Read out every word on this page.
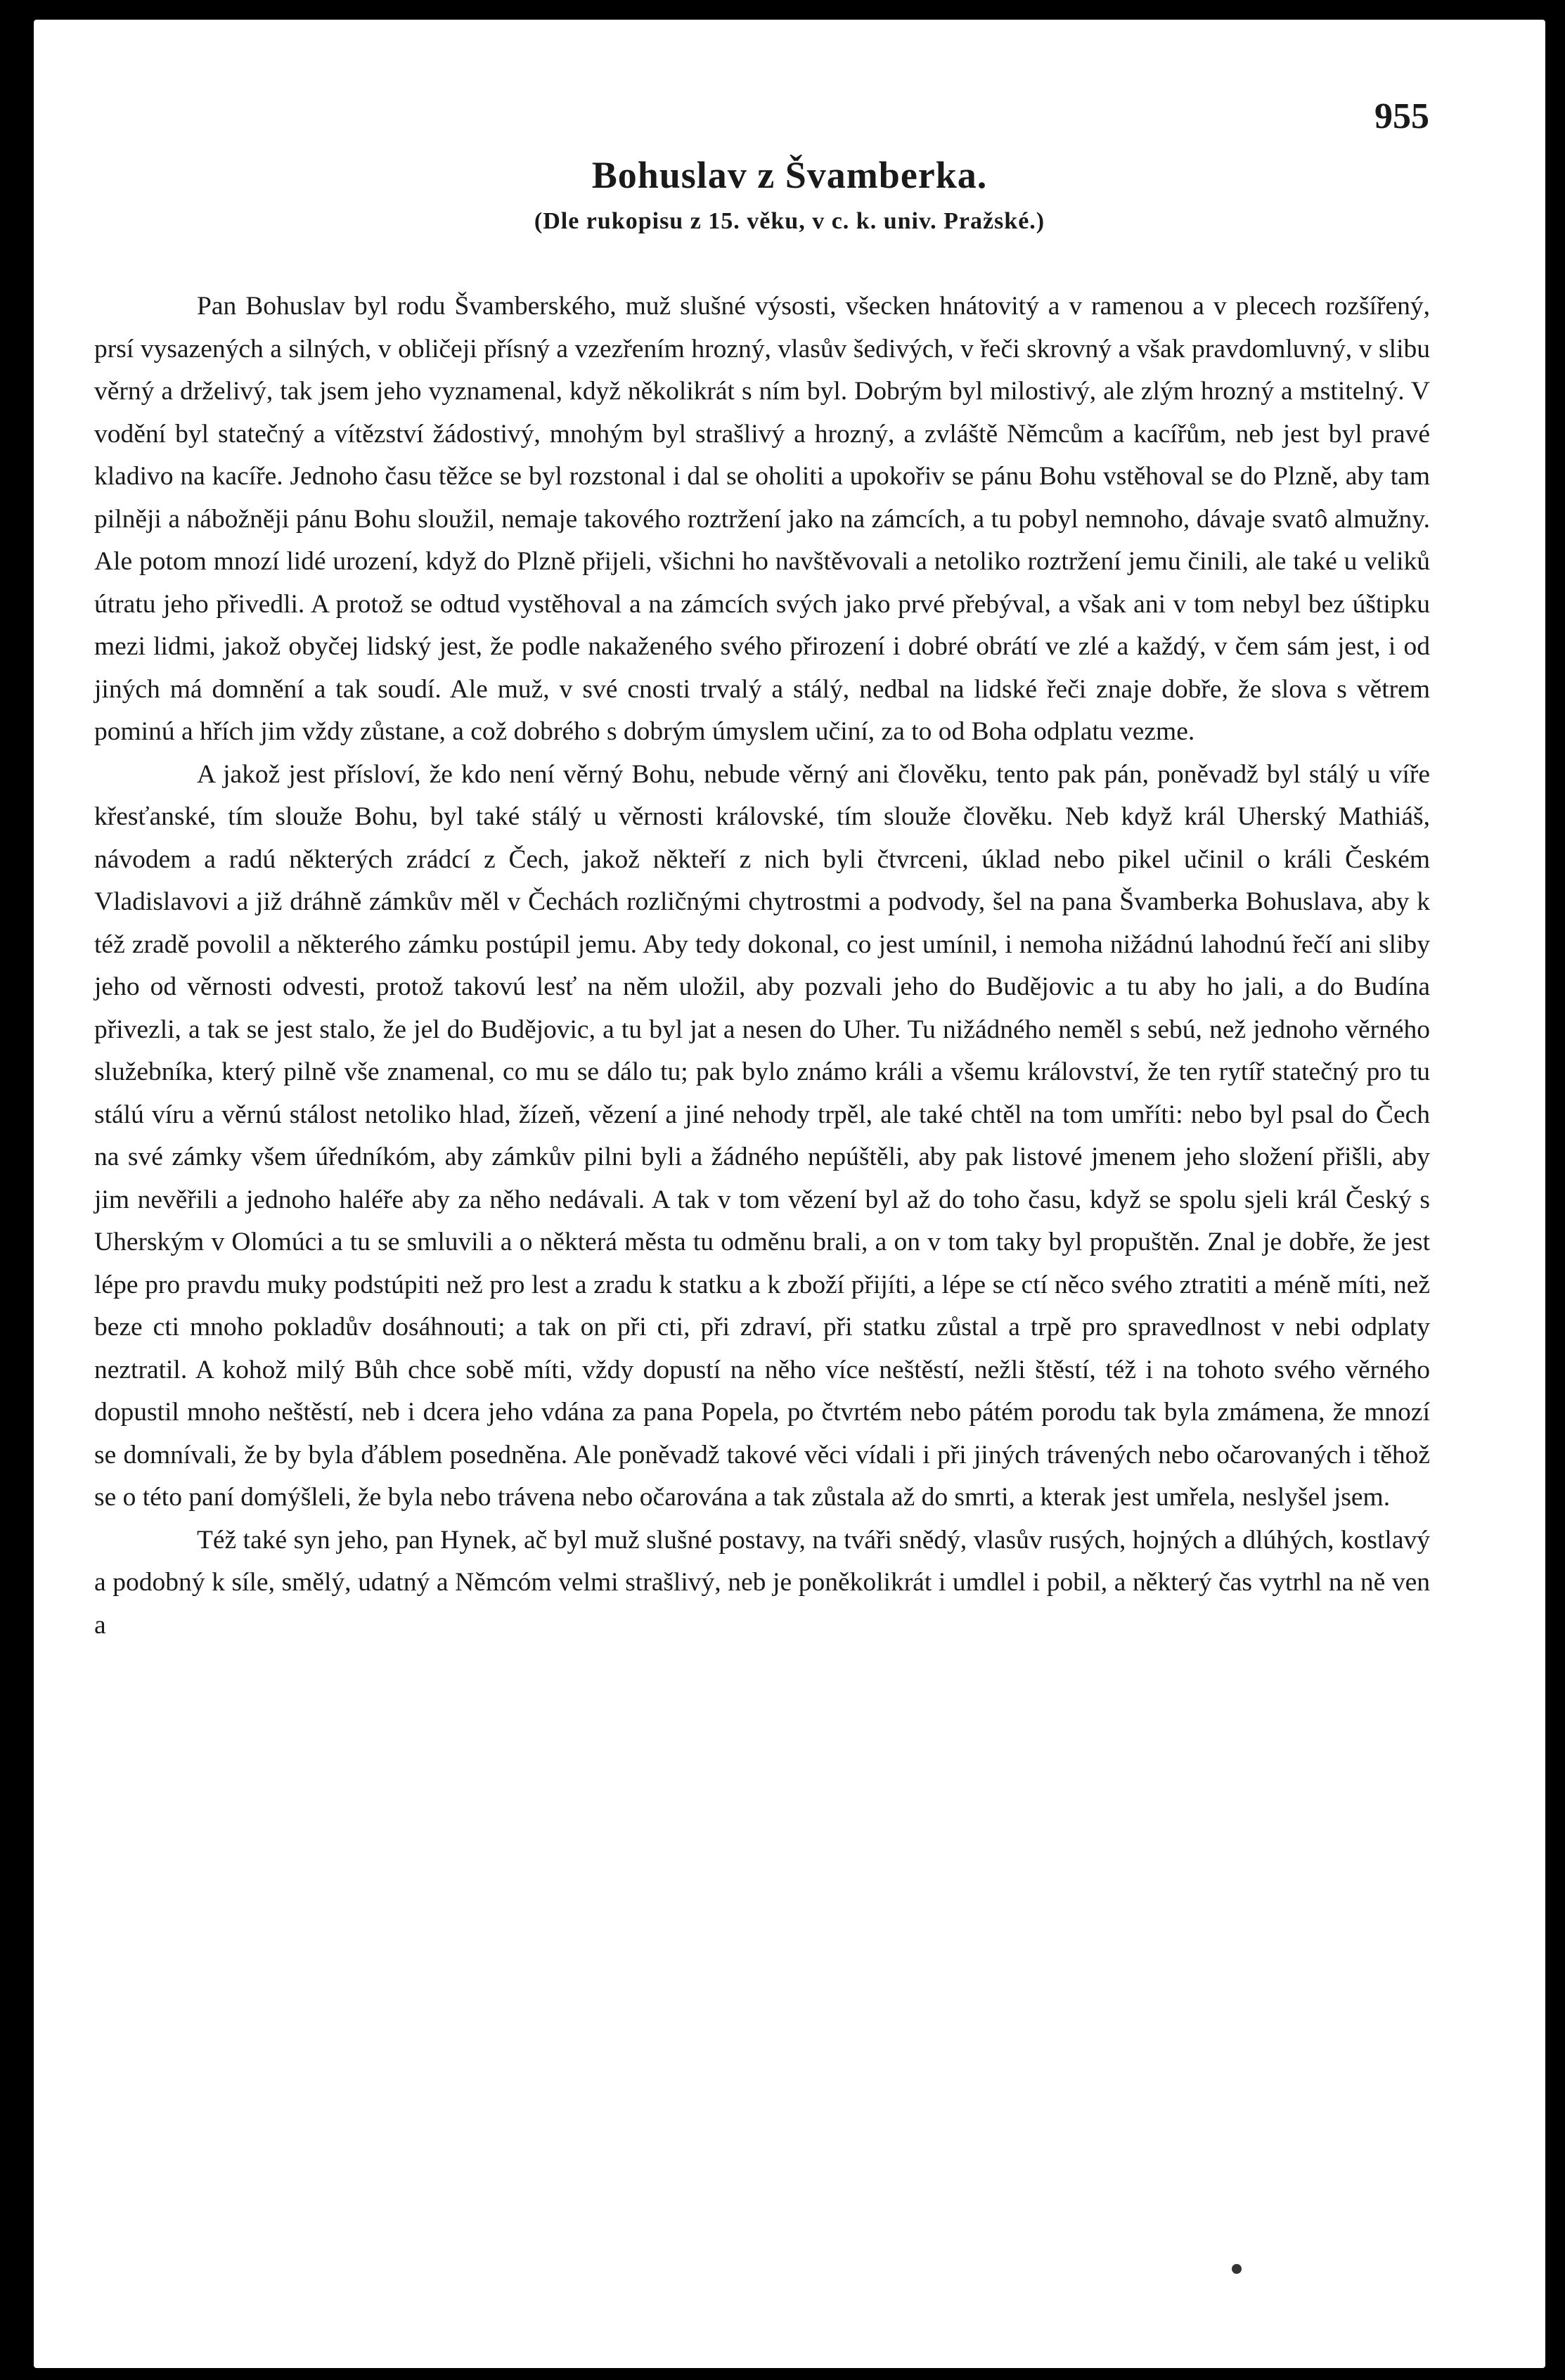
955
Bohuslav z Švamberka.

(Dle rukopisu z 15. věku, v c. k. univ. Pražské.)

Pan Bohuslav byl rodu Švamberského, muž slušné výsosti, všecken hnátovitý a v ramenou a v plecech rozšířený, prsí vysazených a silných, v obličeji přísný a vzezřením hrozný, vlasův šedivých, v řeči skrovný a však pravdomluvný, v slibu věrný a drželivý, tak jsem jeho vyznamenal, když několikrát s ním byl. Dobrým byl milostivý, ale zlým hrozný a mstitelný. V vodění byl statečný a vítězství žádostivý, mnohým byl strašlivý a hrozný, a zvláště Němcům a kacířům, neb jest byl pravé kladivo na kacíře. Jednoho času těžce se byl rozstonal i dal se oholiti a upokořiv se pánu Bohu vstěhoval se do Plzně, aby tam pilněji a nábožněji pánu Bohu sloužil, nemaje takového roztržení jako na zámcích, a tu pobyl nemnoho, dávaje svatô almužny. Ale potom mnozí lidé urození, když do Plzně přijeli, všichni ho navštěvovali a netoliko roztržení jemu činili, ale také u veliků útratu jeho přivedli. A protož se odtud vystěhoval a na zámcích svých jako prvé přebýval, a však ani v tom nebyl bez úštipku mezi lidmi, jakož obyčej lidský jest, že podle nakaženého svého přirození i dobré obrátí ve zlé a každý, v čem sám jest, i od jiných má domnění a tak soudí. Ale muž, v své cnosti trvalý a stálý, nedbal na lidské řeči znaje dobře, že slova s větrem pominú a hřích jim vždy zůstane, a což dobrého s dobrým úmyslem učiní, za to od Boha odplatu vezme.

A jakož jest přísloví, že kdo není věrný Bohu, nebude věrný ani člověku, tento pak pán, poněvadž byl stálý u víře křesťanské, tím slouže Bohu, byl také stálý u věrnosti královské, tím slouže člověku. Neb když král Uherský Mathiáš, návodem a radú některých zrádcí z Čech, jakož někteří z nich byli čtvrceni, úklad nebo pikel učinil o králi Českém Vladislavovi a již dráhně zámkův měl v Čechách rozličnými chytrostmi a podvody, šel na pana Švamberka Bohuslava, aby k též zradě povolil a některého zámku postúpil jemu. Aby tedy dokonal, co jest umínil, i nemoha nižádnú lahodnú řečí ani sliby jeho od věrnosti odvesti, protož takovú lesť na něm uložil, aby pozvali jeho do Budějovic a tu aby ho jali, a do Budína přivezli, a tak se jest stalo, že jel do Budějovic, a tu byl jat a nesen do Uher. Tu nižádného neměl s sebú, než jednoho věrného služebníka, který pilně vše znamenal, co mu se dálo tu; pak bylo známo králi a všemu království, že ten rytíř statečný pro tu stálú víru a věrnú stálost netoliko hlad, žízeň, vězení a jiné nehody trpěl, ale také chtěl na tom umříti: nebo byl psal do Čech na své zámky všem úředníkóm, aby zámkův pilni byli a žádného nepúštěli, aby pak listové jmenem jeho složení přišli, aby jim nevěřili a jednoho haléře aby za něho nedávali. A tak v tom vězení byl až do toho času, když se spolu sjeli král Český s Uherským v Olomúci a tu se smluvili a o některá města tu odměnu brali, a on v tom taky byl propuštěn. Znal je dobře, že jest lépe pro pravdu muky podstúpiti než pro lest a zradu k statku a k zboží přijíti, a lépe se ctí něco svého ztratiti a méně míti, než beze cti mnoho pokladův dosáhnouti; a tak on při cti, při zdraví, při statku zůstal a trpě pro spravedlnost v nebi odplaty neztratil. A kohož milý Bůh chce sobě míti, vždy dopustí na něho více neštěstí, nežli štěstí, též i na tohoto svého věrného dopustil mnoho neštěstí, neb i dcera jeho vdána za pana Popela, po čtvrtém nebo pátém porodu tak byla zmámena, že mnozí se domnívali, že by byla ďáblem posedněna. Ale poněvadž takové věci vídali i při jiných trávených nebo očarovaných i těhož se o této paní domýšleli, že byla nebo trávena nebo očarována a tak zůstala až do smrti, a kterak jest umřela, neslyšel jsem.

Též také syn jeho, pan Hynek, ač byl muž slušné postavy, na tváři snědý, vlasův rusých, hojných a dlúhých, kostlavý a podobný k síle, smělý, udatný a Němcóm velmi strašlivý, neb je poněkolikrát i umdlel i pobil, a některý čas vytrhl na ně ven a
